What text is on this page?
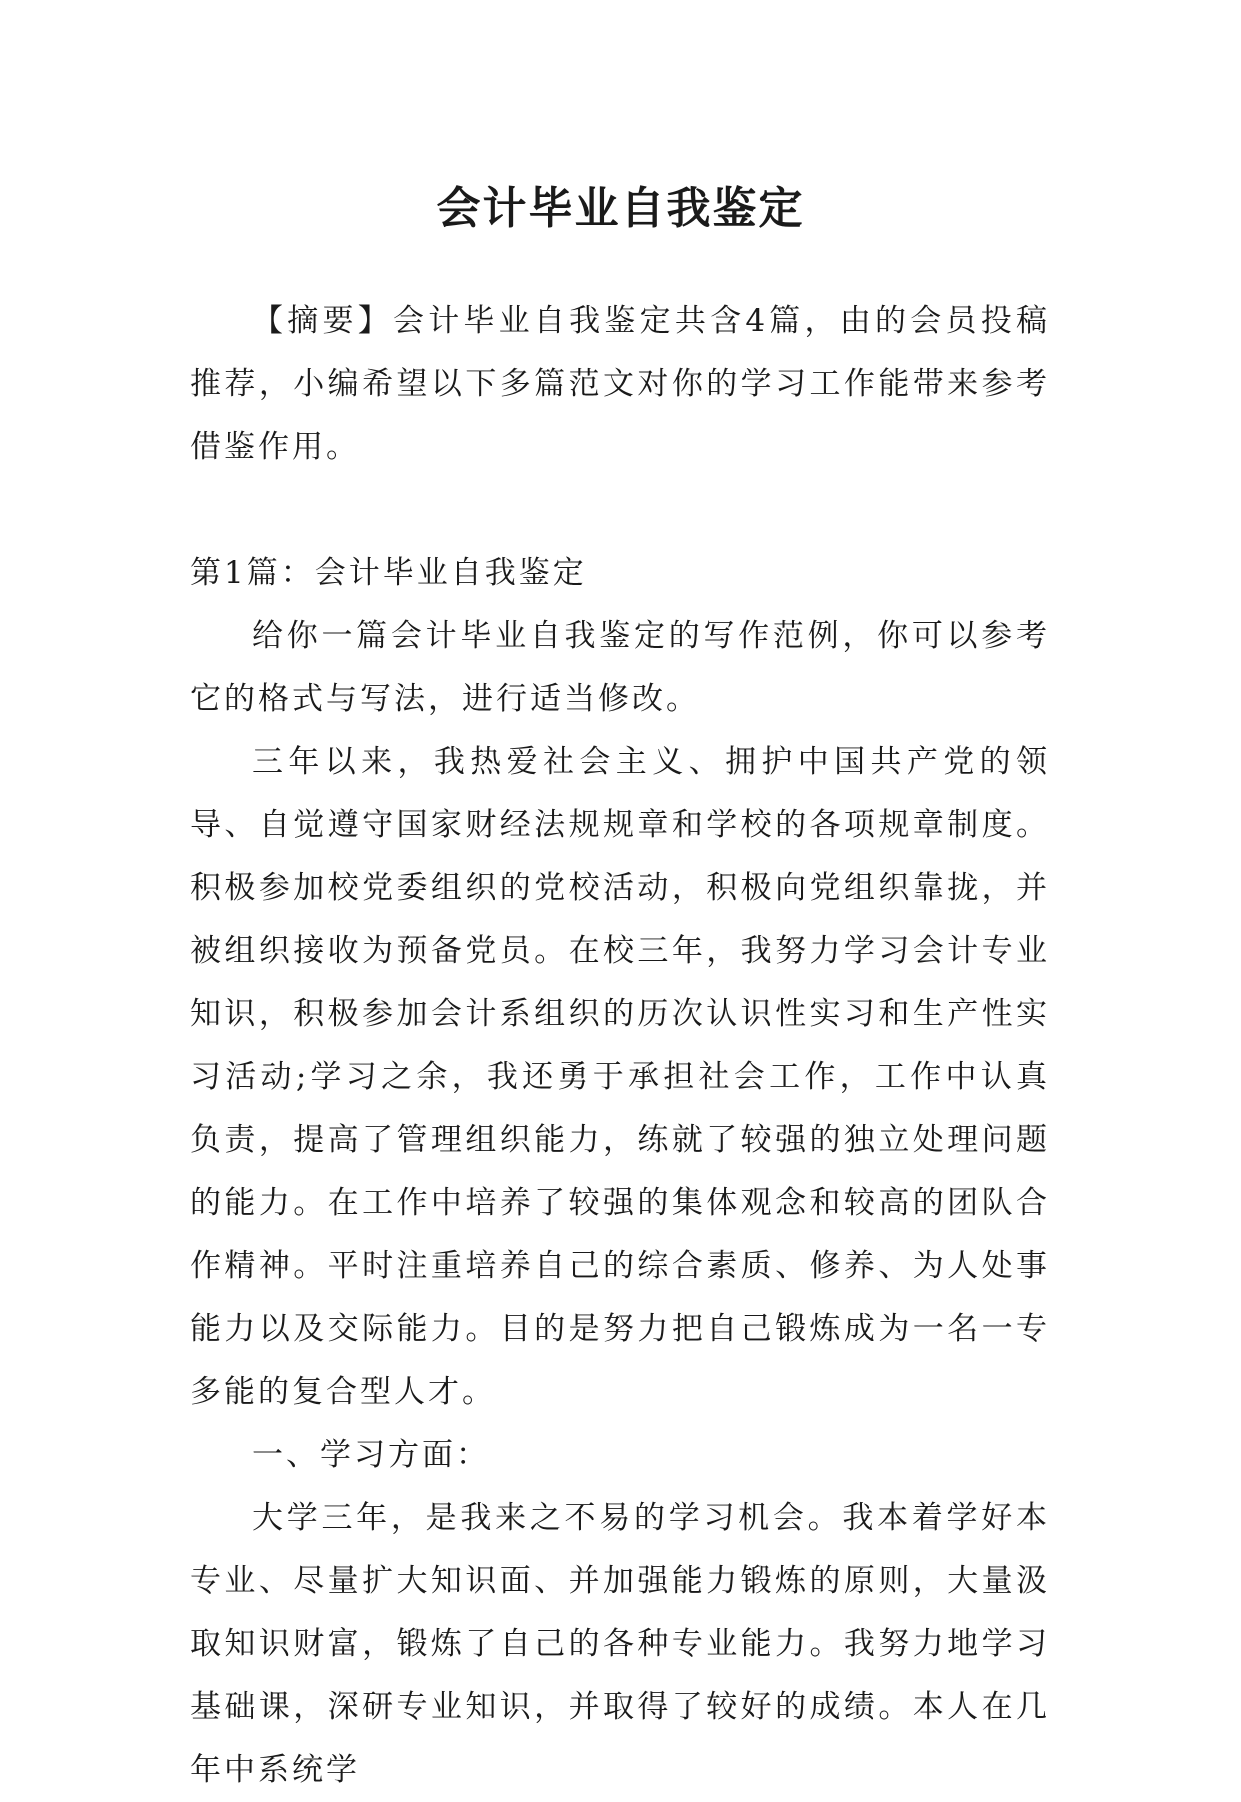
会计毕业自我鉴定

【摘要】会计毕业自我鉴定共含4篇，由的会员投稿推荐，小编希望以下多篇范文对你的学习工作能带来参考借鉴作用。

第1篇：会计毕业自我鉴定

给你一篇会计毕业自我鉴定的写作范例，你可以参考它的格式与写法，进行适当修改。

三年以来，我热爱社会主义、拥护中国共产党的领导、自觉遵守国家财经法规规章和学校的各项规章制度。积极参加校党委组织的党校活动，积极向党组织靠拢，并被组织接收为预备党员。在校三年，我努力学习会计专业知识，积极参加会计系组织的历次认识性实习和生产性实习活动;学习之余，我还勇于承担社会工作，工作中认真负责，提高了管理组织能力，练就了较强的独立处理问题的能力。在工作中培养了较强的集体观念和较高的团队合作精神。平时注重培养自己的综合素质、修养、为人处事能力以及交际能力。目的是努力把自己锻炼成为一名一专多能的复合型人才。

一、学习方面：

大学三年，是我来之不易的学习机会。我本着学好本专业、尽量扩大知识面、并加强能力锻炼的原则，大量汲取知识财富，锻炼了自己的各种专业能力。我努力地学习基础课，深研专业知识，并取得了较好的成绩。本人在几年中系统学
